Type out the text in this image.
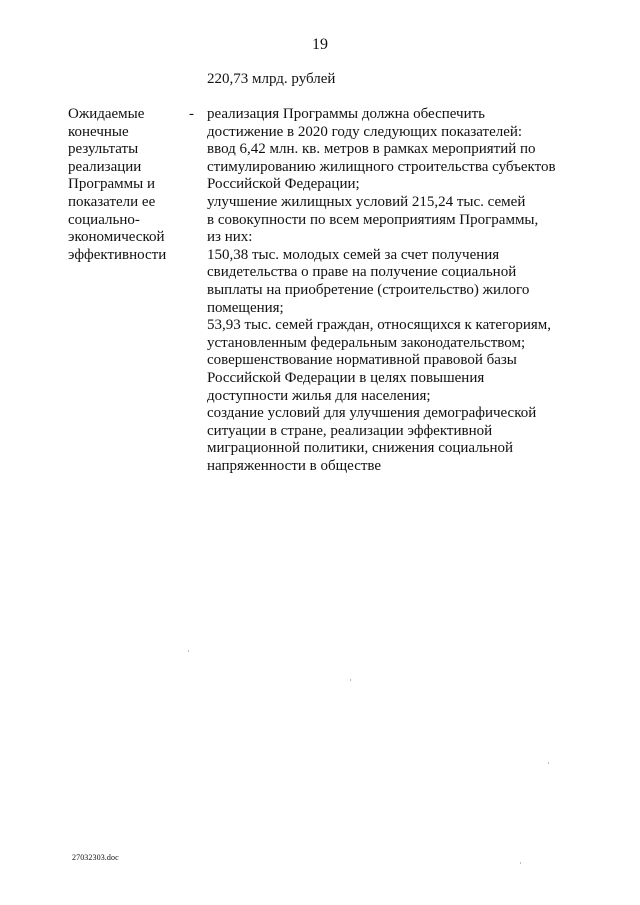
19
220,73 млрд. рублей
Ожидаемые
конечные
результаты
реализации
Программы и
показатели ее
социально-
экономической
эффективности
- реализация Программы должна обеспечить
достижение в 2020 году следующих показателей:
ввод 6,42 млн. кв. метров в рамках мероприятий по
стимулированию жилищного строительства субъектов
Российской Федерации;
улучшение жилищных условий 215,24 тыс. семей
в совокупности по всем мероприятиям Программы,
из них:
150,38 тыс. молодых семей за счет получения
свидетельства о праве на получение социальной
выплаты на приобретение (строительство) жилого
помещения;
53,93 тыс. семей граждан, относящихся к категориям,
установленным федеральным законодательством;
совершенствование нормативной правовой базы
Российской Федерации в целях повышения
доступности жилья для населения;
создание условий для улучшения демографической
ситуации в стране, реализации эффективной
миграционной политики, снижения социальной
напряженности в обществе
27032303.doc
